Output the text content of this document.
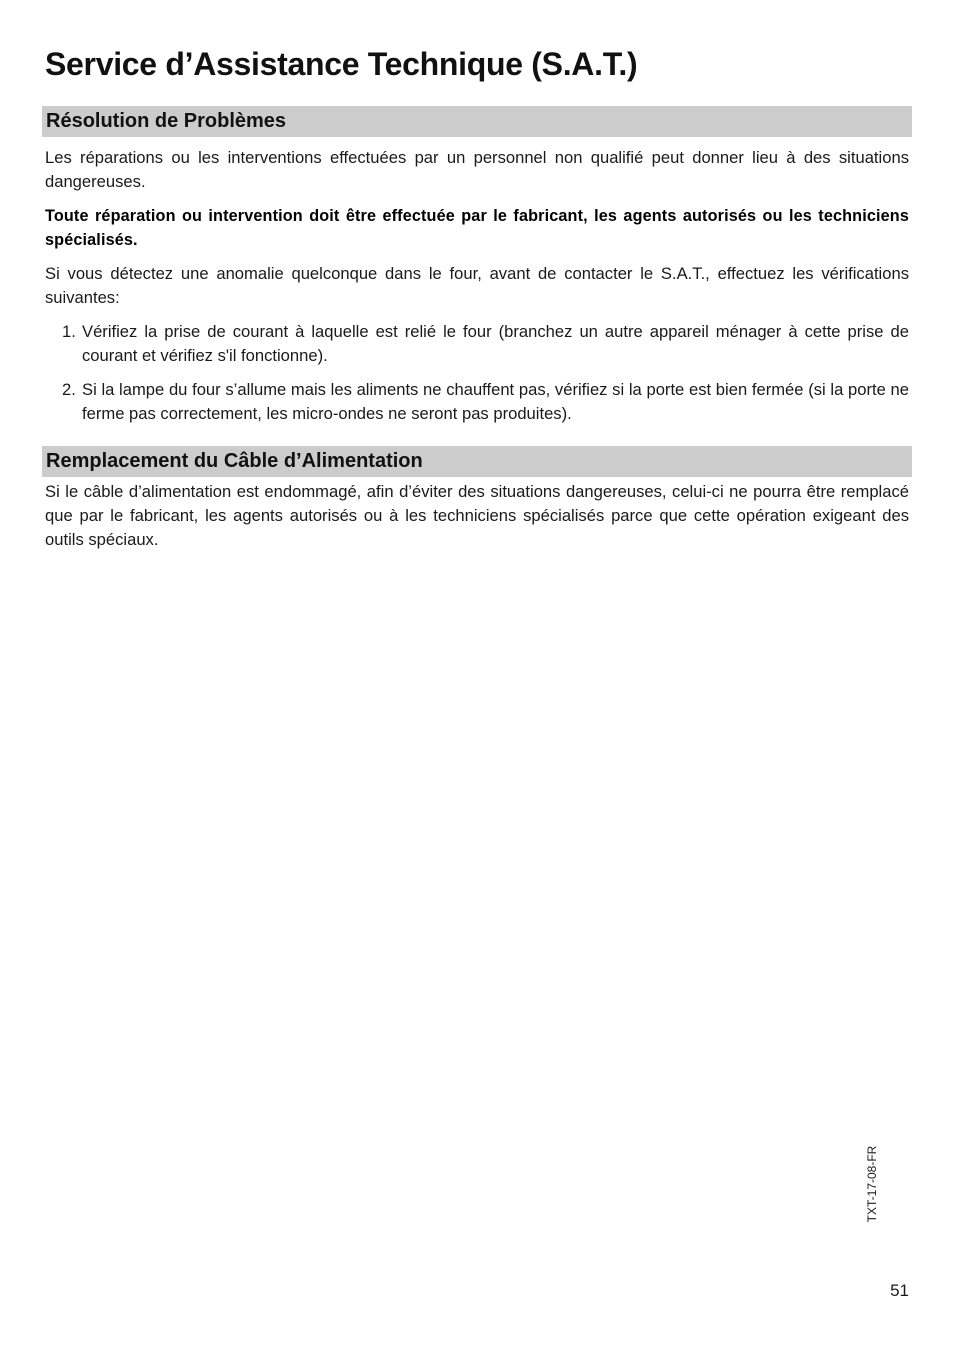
Service d’Assistance Technique (S.A.T.)
Résolution de Problèmes

Les réparations ou les interventions effectuées par un personnel non qualifié peut donner lieu à des situations dangereuses.

Toute réparation ou intervention doit être effectuée par le fabricant, les agents autorisés ou les techniciens spécialisés.

Si vous détectez une anomalie quelconque dans le four, avant de contacter le S.A.T., effectuez les vérifications suivantes:

1. Vérifiez la prise de courant à laquelle est relié le four (branchez un autre appareil ménager à cette prise de courant et vérifiez s'il fonctionne).
2. Si la lampe du four s’allume mais les aliments ne chauffent pas, vérifiez si la porte est bien fermée (si la porte ne ferme pas correctement, les micro-ondes ne seront pas produites).
Remplacement du Câble d’Alimentation

Si le câble d’alimentation est endommagé, afin d’éviter des situations dangereuses, celui-ci ne pourra être remplacé que par le fabricant, les agents autorisés ou à les techniciens spécialisés parce que cette opération exigeant des outils spéciaux.

TXT-17-08-FR
51
